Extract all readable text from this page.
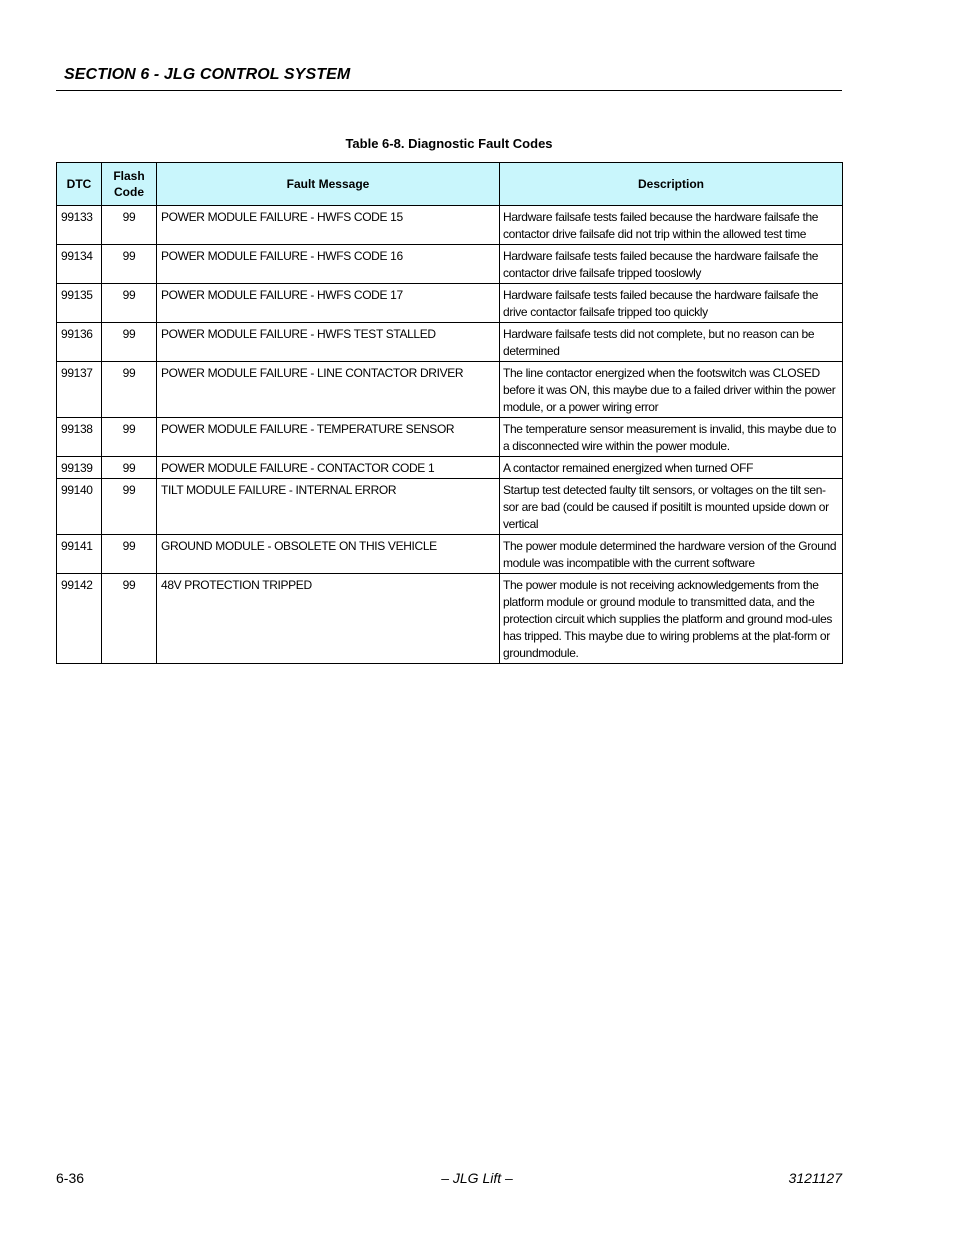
SECTION 6 - JLG CONTROL SYSTEM
Table 6-8. Diagnostic Fault Codes
DTC	Flash Code	Fault Message	Description
99133	99	POWER MODULE FAILURE - HWFS CODE 15	Hardware failsafe tests failed because the hardware failsafe the contactor drive failsafe did not trip within the allowed test time
99134	99	POWER MODULE FAILURE - HWFS CODE 16	Hardware failsafe tests failed because the hardware failsafe the contactor drive failsafe tripped tooslowly
99135	99	POWER MODULE FAILURE - HWFS CODE 17	Hardware failsafe tests failed because the hardware failsafe the drive contactor failsafe tripped too quickly
99136	99	POWER MODULE FAILURE - HWFS TEST STALLED	Hardware failsafe tests did not complete, but no reason can be determined
99137	99	POWER MODULE FAILURE - LINE CONTACTOR DRIVER	The line contactor energized when the footswitch was CLOSED before it was ON, this maybe due to a failed driver within the power module, or a power wiring error
99138	99	POWER MODULE FAILURE - TEMPERATURE SENSOR	The temperature sensor measurement is invalid, this maybe due to a disconnected wire within the power module.
99139	99	POWER MODULE FAILURE - CONTACTOR CODE 1	A contactor remained energized when turned OFF
99140	99	TILT MODULE FAILURE - INTERNAL ERROR	Startup test detected faulty tilt sensors, or voltages on the tilt sen-sor are bad (could be caused if positilt is mounted upside down or vertical
99141	99	GROUND MODULE - OBSOLETE ON THIS VEHICLE	The power module determined the hardware version of the Ground module was incompatible with the current software
99142	99	48V PROTECTION TRIPPED	The power module is not receiving acknowledgements from the platform module or ground module to transmitted data, and the protection circuit which supplies the platform and ground mod-ules has tripped. This maybe due to wiring problems at the plat-form or groundmodule.
6-36	– JLG Lift –	3121127
